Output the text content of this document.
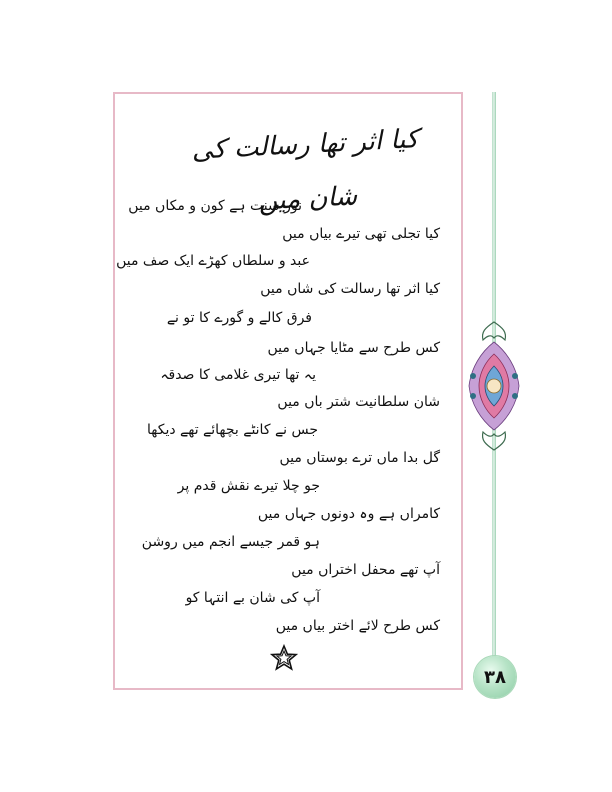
کیا اثر تھا رسالت کی شان میں
نور سنت ہے کون و مکاں میں
کیا تجلی تھی تیرے بیاں میں
عبد و سلطاں کھڑے ایک صف میں
کیا اثر تھا رسالت کی شاں میں
فرق کالے و گورے کا تو نے
کس طرح سے مٹایا جہاں میں
یہ تھا تیری غلامی کا صدقہ
شان سلطانیت شتر باں میں
جس نے کانٹے بچھائے تھے دیکھا
گل بدا ماں ترے بوستاں میں
جو چلا تیرے نقش قدم پر
کامراں ہے وہ دونوں جہاں میں
ہو قمر جیسے انجم میں روشن
آپ تھے محفل اختراں میں
آپ کی شان بے انتہا کو
کس طرح لائے اختر بیاں میں
۳۸
